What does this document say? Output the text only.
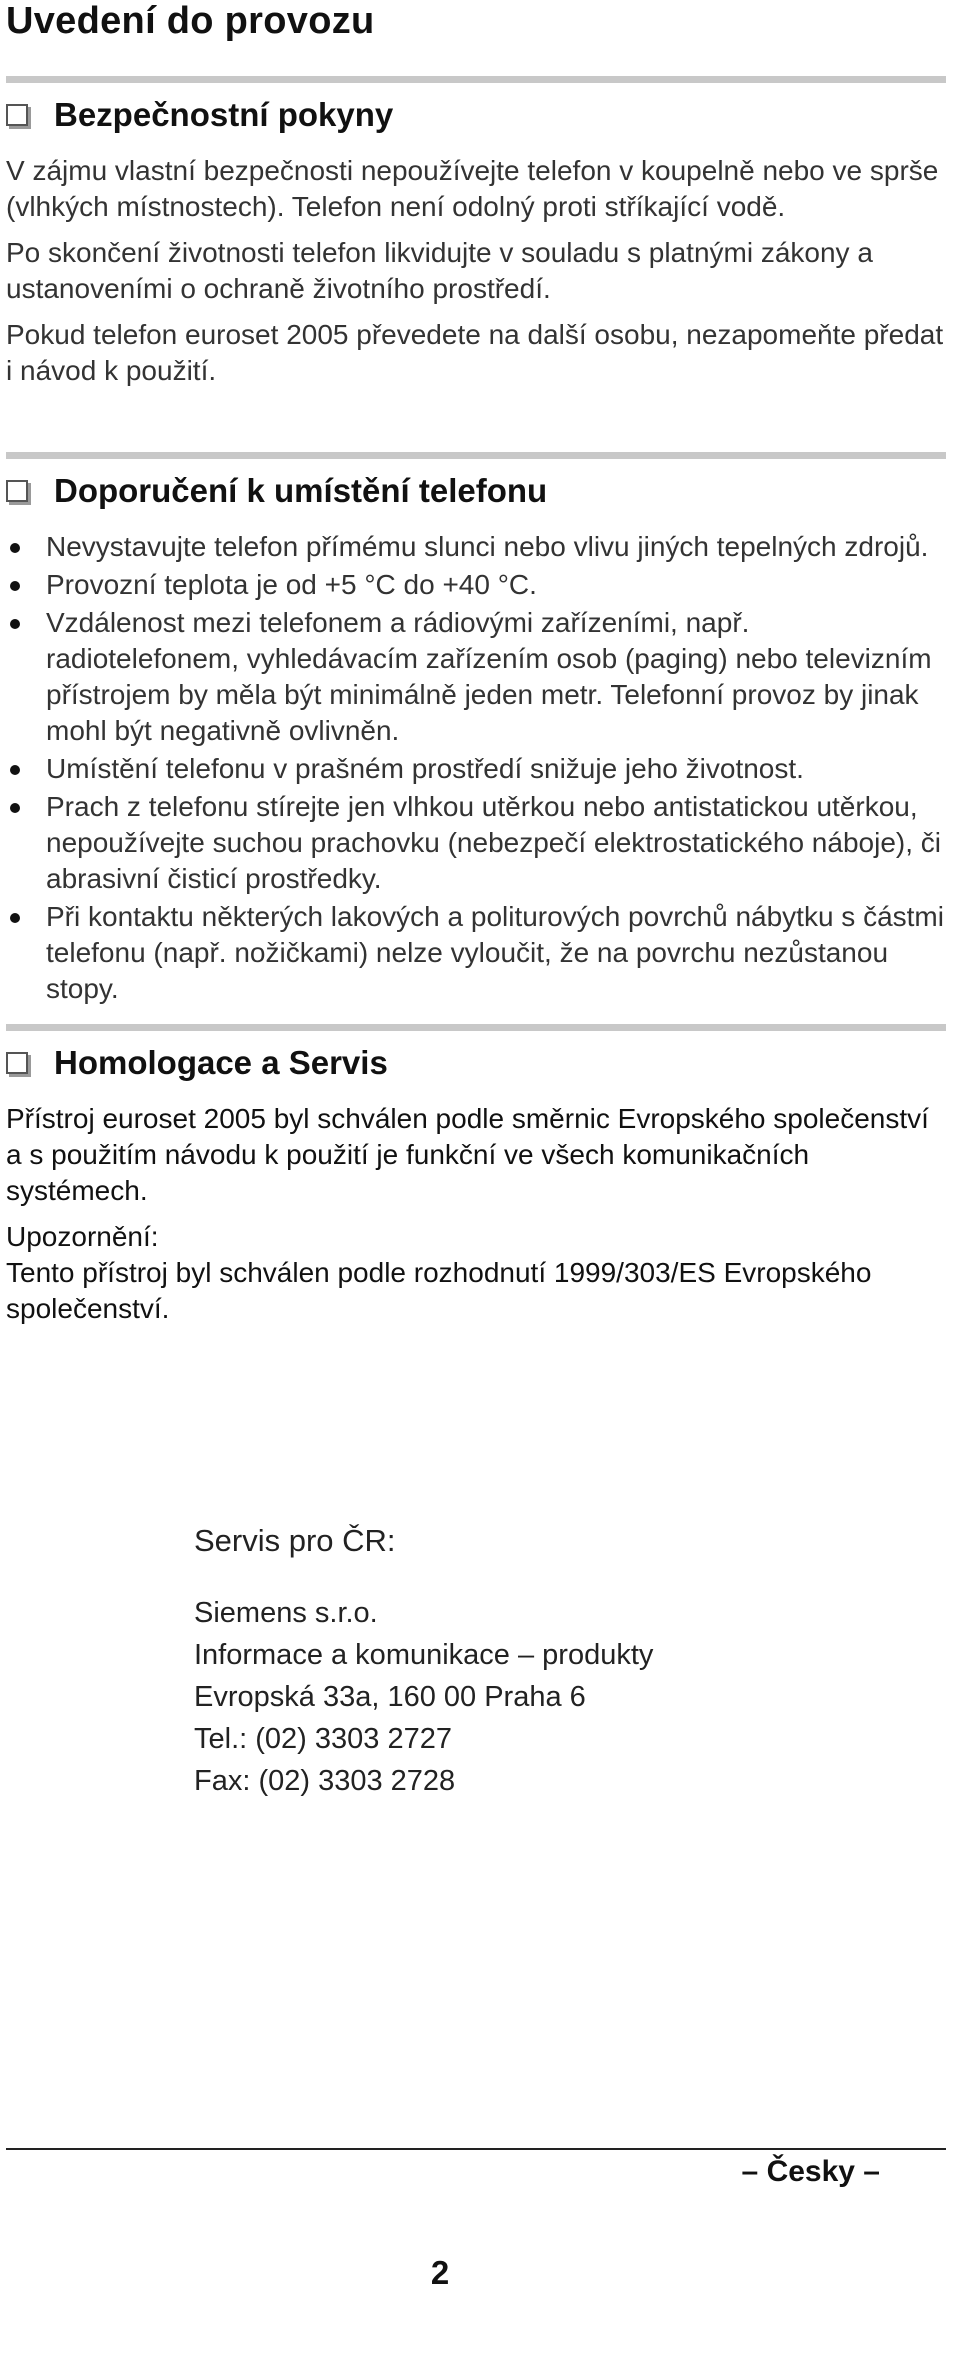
Uvedení do provozu
Bezpečnostní pokyny

V zájmu vlastní bezpečnosti nepoužívejte telefon v koupelně nebo ve sprše (vlhkých místnostech). Telefon není odolný proti stříkající vodě.

Po skončení životnosti telefon likvidujte v souladu s platnými zákony a ustanoveními o ochraně životního prostředí.

Pokud telefon euroset 2005 převedete na další osobu, nezapomeňte předat i návod k použití.

Doporučení k umístění telefonu
Nevystavujte telefon přímému slunci nebo vlivu jiných tepelných zdrojů.
Provozní teplota je od +5 °C do +40 °C.
Vzdálenost mezi telefonem a rádiovými zařízeními, např. radiotelefonem, vyhledávacím zařízením osob (paging) nebo televizním přístrojem by měla být minimálně jeden metr. Telefonní provoz by jinak mohl být negativně ovlivněn.
Umístění telefonu v prašném prostředí snižuje jeho životnost.
Prach z telefonu stírejte jen vlhkou utěrkou nebo antistatickou utěrkou, nepoužívejte suchou prachovku (nebezpečí elektrostatického náboje), či abrasivní čisticí prostředky.
Při kontaktu některých lakových a politurových povrchů nábytku s částmi telefonu (např. nožičkami) nelze vyloučit, že na povrchu nezůstanou stopy.
Homologace a Servis

Přístroj euroset 2005 byl schválen podle směrnic Evropského společenství a s použitím návodu k použití je funkční ve všech komunikačních systémech.

Upozornění:

Tento přístroj byl schválen podle rozhodnutí 1999/303/ES Evropského společenství.

Servis pro ČR:
Siemens s.r.o.
Informace a komunikace – produkty
Evropská 33a, 160 00 Praha 6
Tel.: (02) 3303 2727
Fax: (02) 3303 2728
– Česky –
2
